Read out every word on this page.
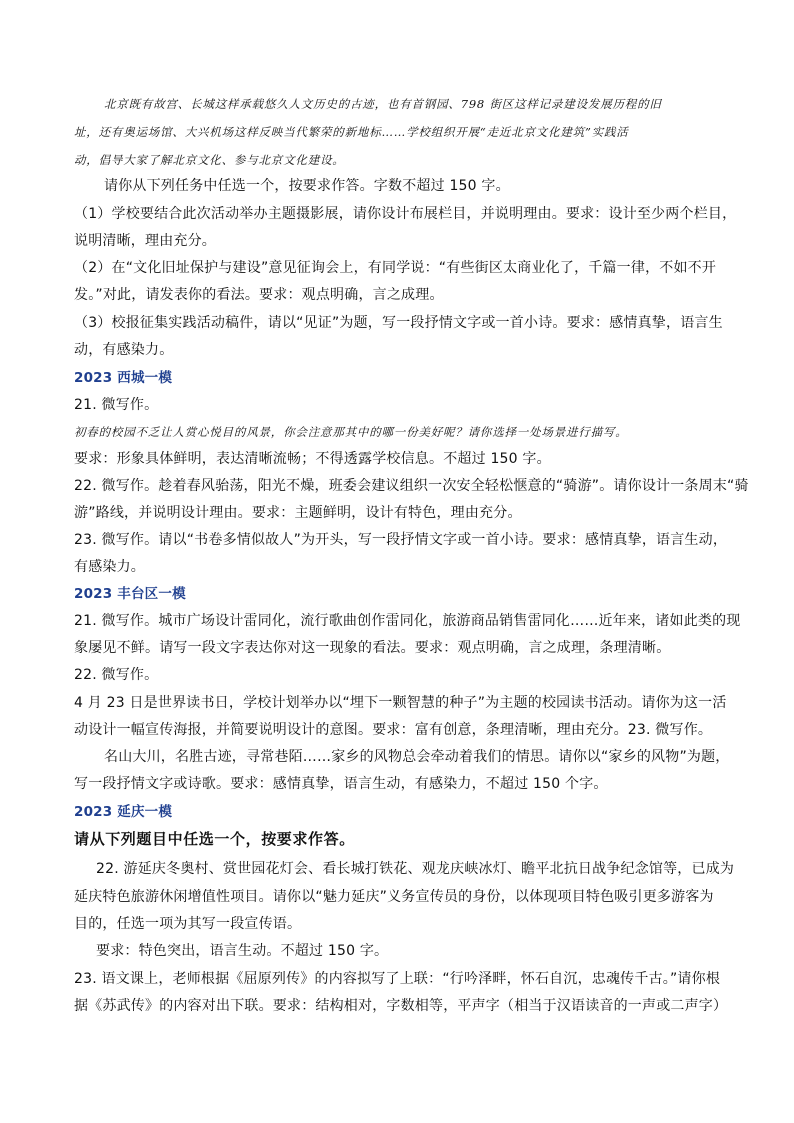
北京既有故宫、长城这样承载悠久人文历史的古迹，也有首钢园、798 街区这样记录建设发展历程的旧
址，还有奥运场馆、大兴机场这样反映当代繁荣的新地标……学校组织开展“走近北京文化建筑”实践活
动，倡导大家了解北京文化、参与北京文化建设。
请你从下列任务中任选一个，按要求作答。字数不超过 150 字。
（1）学校要结合此次活动举办主题摄影展，请你设计布展栏目，并说明理由。要求：设计至少两个栏目，
说明清晰，理由充分。
（2）在“文化旧址保护与建设”意见征询会上，有同学说：“有些街区太商业化了，千篇一律，不如不开
发。”对此，请发表你的看法。要求：观点明确，言之成理。
（3）校报征集实践活动稿件，请以“见证”为题，写一段抒情文字或一首小诗。要求：感情真挚，语言生
动，有感染力。
2023 西城一模
21. 微写作。
初春的校园不乏让人赏心悦目的风景，你会注意那其中的哪一份美好呢？请你选择一处场景进行描写。
要求：形象具体鲜明，表达清晰流畅；不得透露学校信息。不超过 150 字。
22. 微写作。趁着春风骀荡，阳光不燥，班委会建议组织一次安全轻松惬意的“骑游”。请你设计一条周末“骑
游”路线，并说明设计理由。要求：主题鲜明，设计有特色，理由充分。
23. 微写作。请以“书卷多情似故人”为开头，写一段抒情文字或一首小诗。要求：感情真挚，语言生动，
有感染力。
2023 丰台区一模
21. 微写作。城市广场设计雷同化，流行歌曲创作雷同化，旅游商品销售雷同化……近年来，诸如此类的现
象屡见不鲜。请写一段文字表达你对这一现象的看法。要求：观点明确，言之成理，条理清晰。
22. 微写作。
4 月 23 日是世界读书日，学校计划举办以“埋下一颗智慧的种子”为主题的校园读书活动。请你为这一活
动设计一幅宣传海报，并简要说明设计的意图。要求：富有创意，条理清晰，理由充分。23. 微写作。
名山大川，名胜古迹，寻常巷陌……家乡的风物总会牵动着我们的情思。请你以“家乡的风物”为题，
写一段抒情文字或诗歌。要求：感情真挚，语言生动，有感染力，不超过 150 个字。
2023 延庆一模
请从下列题目中任选一个，按要求作答。
22. 游延庆冬奥村、赏世园花灯会、看长城打铁花、观龙庆峡冰灯、瞻平北抗日战争纪念馆等，已成为
延庆特色旅游休闲增值性项目。请你以“魅力延庆”义务宣传员的身份，以体现项目特色吸引更多游客为
目的，任选一项为其写一段宣传语。
要求：特色突出，语言生动。不超过 150 字。
23. 语文课上，老师根据《屈原列传》的内容拟写了上联：“行吟泽畔，怀石自沉，忠魂传千古。”请你根
据《苏武传》的内容对出下联。要求：结构相对，字数相等，平声字（相当于汉语读音的一声或二声字）
